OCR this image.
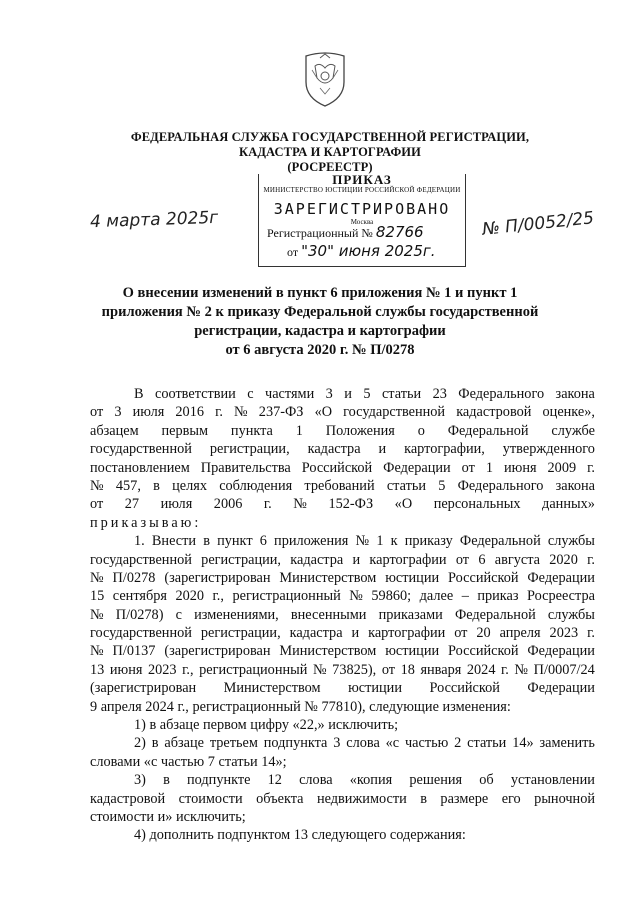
ФЕДЕРАЛЬНАЯ СЛУЖБА ГОСУДАРСТВЕННОЙ РЕГИСТРАЦИИ,
КАДАСТРА И КАРТОГРАФИИ
(РОСРЕЕСТР)
ПРИКАЗ
МИНИСТЕРСТВО ЮСТИЦИИ РОССИЙСКОЙ ФЕДЕРАЦИИ
ЗАРЕГИСТРИРОВАНО
Москва
Регистрационный № 82766
от "30" июня 2025г.
4 марта 2025г	№ П/0052/25
О внесении изменений в пункт 6 приложения № 1 и пункт 1
приложения № 2 к приказу Федеральной службы государственной
регистрации, кадастра и картографии
от 6 августа 2020 г. № П/0278
В соответствии с частями 3 и 5 статьи 23 Федерального закона
от 3 июля 2016 г. № 237-ФЗ «О государственной кадастровой оценке»,
абзацем первым пункта 1 Положения о Федеральной службе
государственной регистрации, кадастра и картографии, утвержденного
постановлением Правительства Российской Федерации от 1 июня 2009 г.
№ 457, в целях соблюдения требований статьи 5 Федерального закона
от 27 июля 2006 г. № 152-ФЗ «О персональных данных»
приказываю:
1. Внести в пункт 6 приложения № 1 к приказу Федеральной службы
государственной регистрации, кадастра и картографии от 6 августа 2020 г.
№ П/0278 (зарегистрирован Министерством юстиции Российской Федерации
15 сентября 2020 г., регистрационный № 59860; далее – приказ Росреестра
№ П/0278) с изменениями, внесенными приказами Федеральной службы
государственной регистрации, кадастра и картографии от 20 апреля 2023 г.
№ П/0137 (зарегистрирован Министерством юстиции Российской Федерации
13 июня 2023 г., регистрационный № 73825), от 18 января 2024 г. № П/0007/24
(зарегистрирован Министерством юстиции Российской Федерации
9 апреля 2024 г., регистрационный № 77810), следующие изменения:
1) в абзаце первом цифру «22,» исключить;
2) в абзаце третьем подпункта 3 слова «с частью 2 статьи 14» заменить
словами «с частью 7 статьи 14»;
3) в подпункте 12 слова «копия решения об установлении
кадастровой стоимости объекта недвижимости в размере его рыночной
стоимости и» исключить;
4) дополнить подпунктом 13 следующего содержания:
